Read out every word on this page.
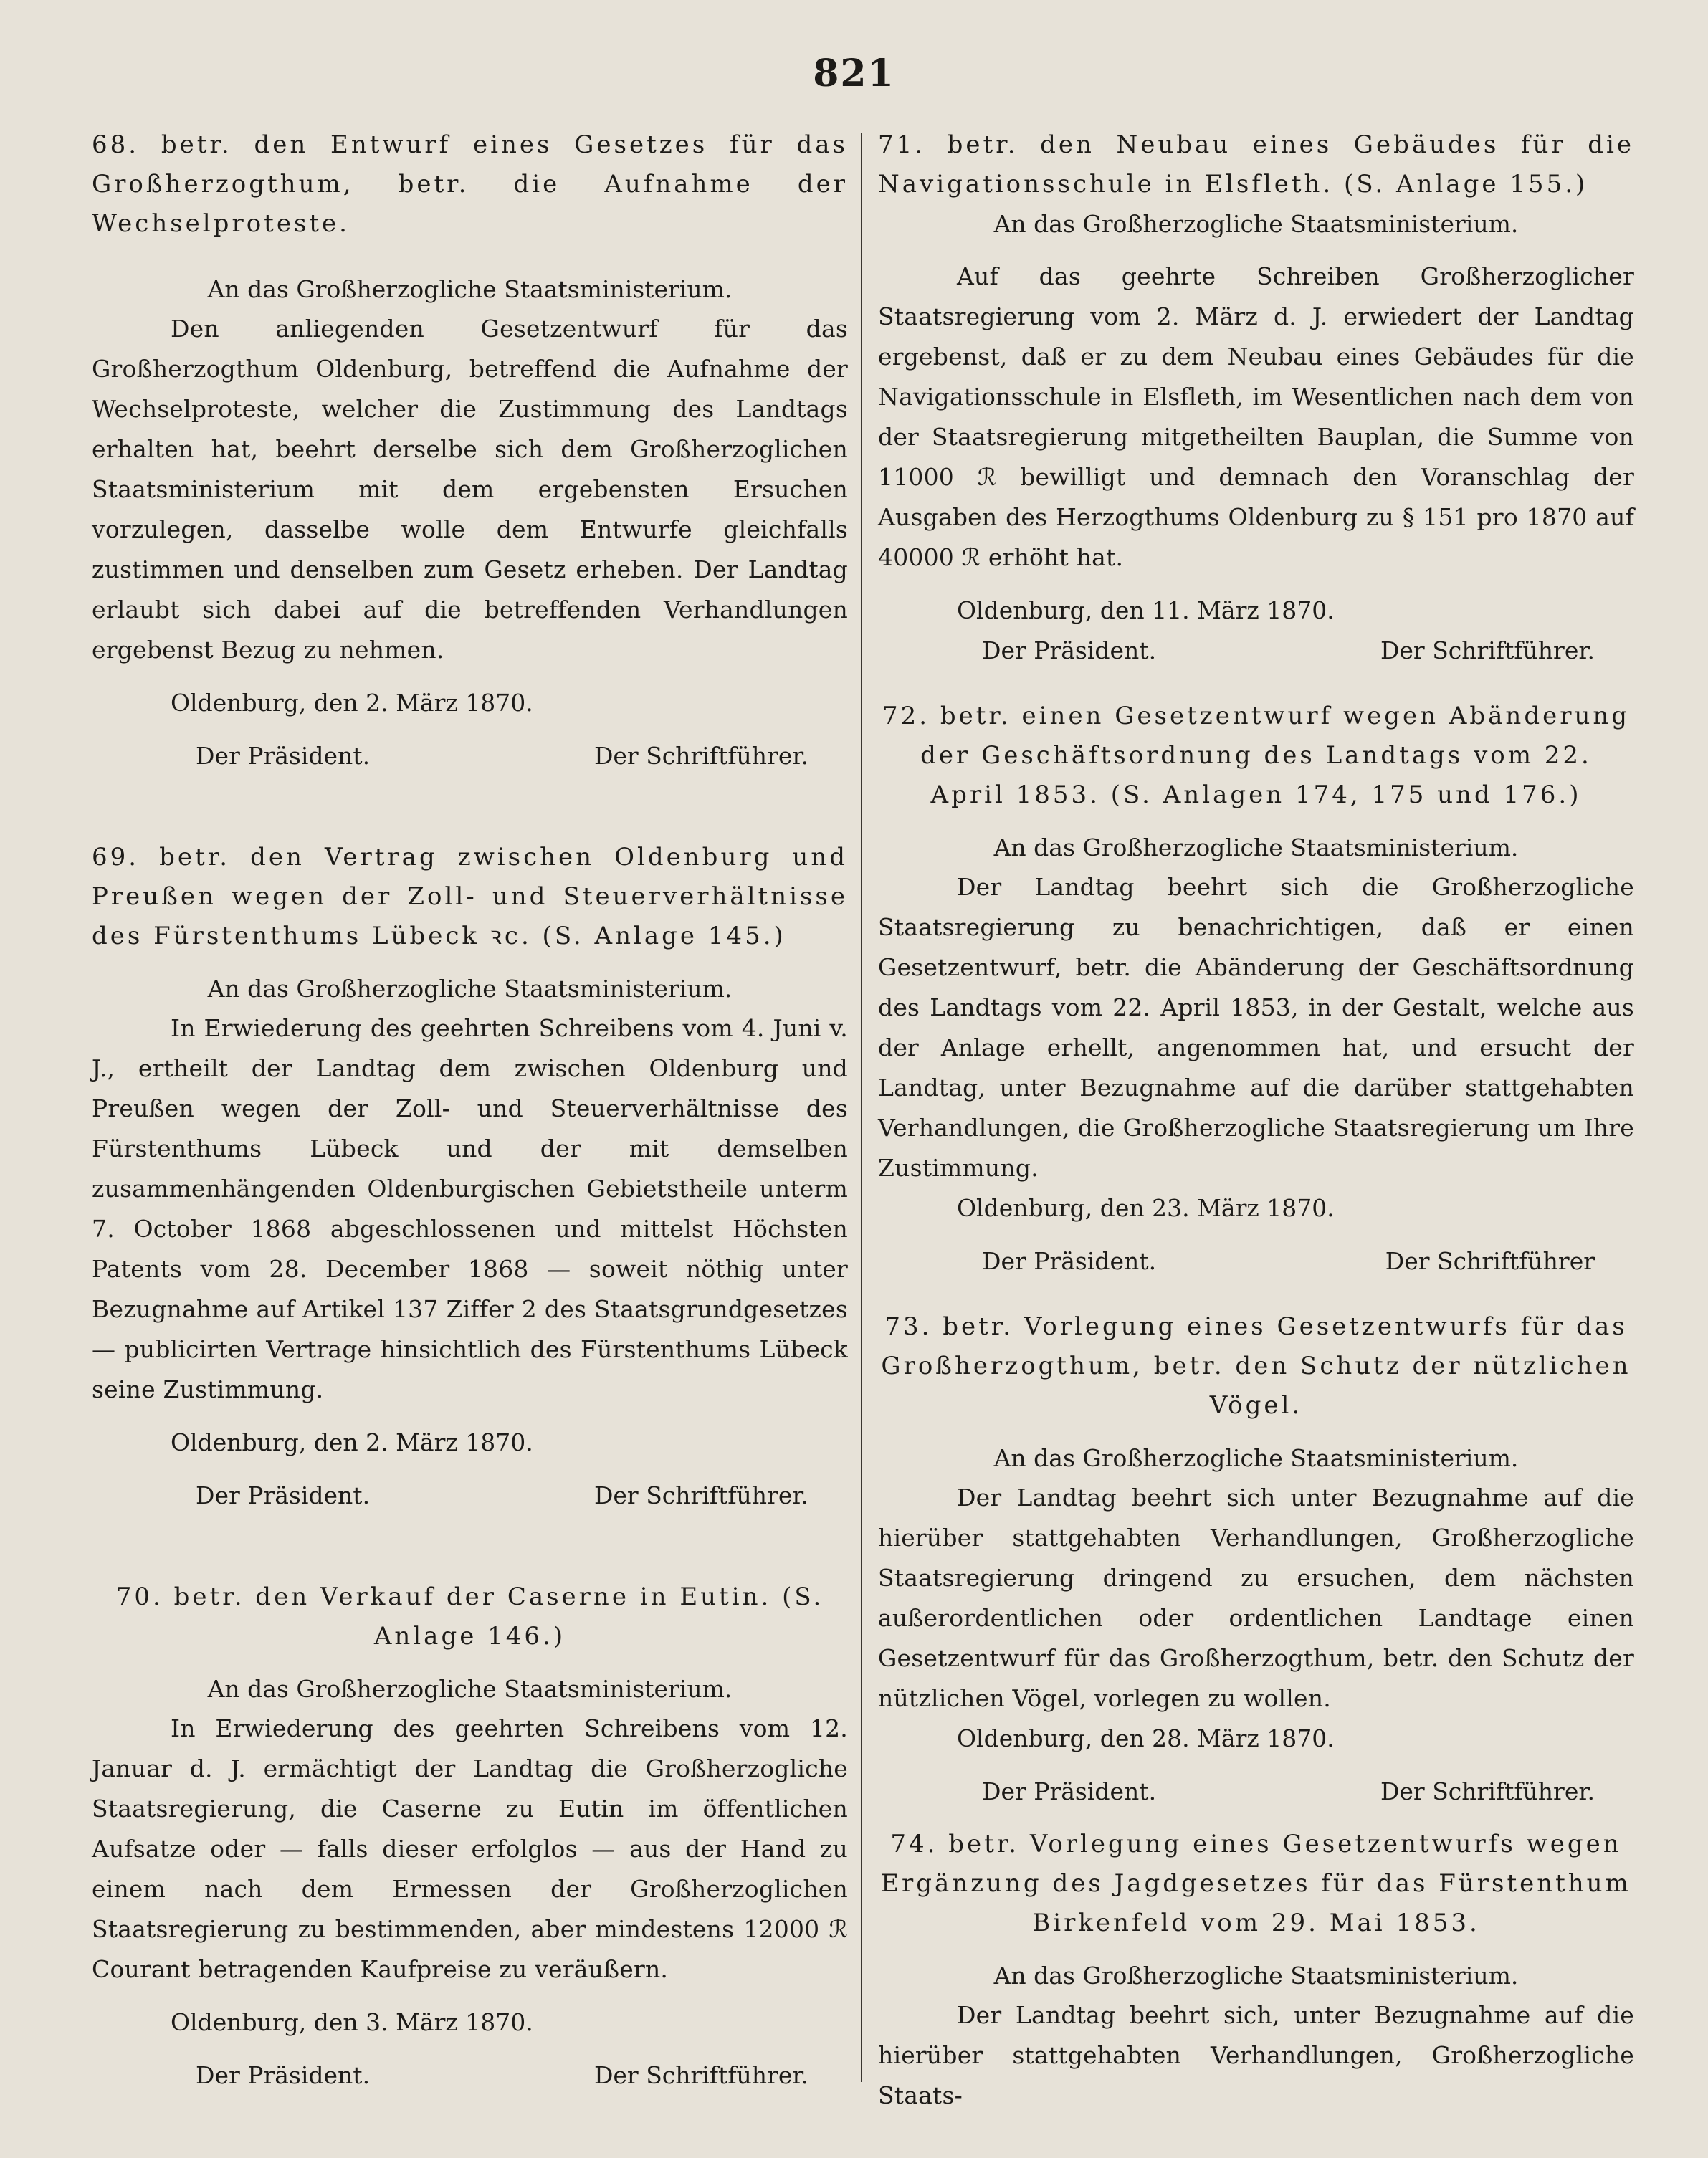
821

68. betr. den Entwurf eines Gesetzes für das Großherzogthum, betr. die Aufnahme der Wechselproteste.

An das Großherzogliche Staatsministerium.

Den anliegenden Gesetzentwurf für das Großherzogthum Oldenburg, betreffend die Aufnahme der Wechselproteste, welcher die Zustimmung des Landtags erhalten hat, beehrt derselbe sich dem Großherzoglichen Staatsministerium mit dem ergebensten Ersuchen vorzulegen, dasselbe wolle dem Entwurfe gleichfalls zustimmen und denselben zum Gesetz erheben. Der Landtag erlaubt sich dabei auf die betreffenden Verhandlungen ergebenst Bezug zu nehmen.

Oldenburg, den 2. März 1870.

Der Präsident.	Der Schriftführer.

69. betr. den Vertrag zwischen Oldenburg und Preußen wegen der Zoll- und Steuerverhältnisse des Fürstenthums Lübeck ꝛc. (S. Anlage 145.)

An das Großherzogliche Staatsministerium.

In Erwiederung des geehrten Schreibens vom 4. Juni v. J., ertheilt der Landtag dem zwischen Oldenburg und Preußen wegen der Zoll- und Steuerverhältnisse des Fürstenthums Lübeck und der mit demselben zusammenhängenden Oldenburgischen Gebietstheile unterm 7. October 1868 abgeschlossenen und mittelst Höchsten Patents vom 28. December 1868 — soweit nöthig unter Bezugnahme auf Artikel 137 Ziffer 2 des Staatsgrundgesetzes — publicirten Vertrage hinsichtlich des Fürstenthums Lübeck seine Zustimmung.

Oldenburg, den 2. März 1870.

Der Präsident.	Der Schriftführer.

70. betr. den Verkauf der Caserne in Eutin. (S. Anlage 146.)

An das Großherzogliche Staatsministerium.

In Erwiederung des geehrten Schreibens vom 12. Januar d. J. ermächtigt der Landtag die Großherzogliche Staatsregierung, die Caserne zu Eutin im öffentlichen Aufsatze oder — falls dieser erfolglos — aus der Hand zu einem nach dem Ermessen der Großherzoglichen Staatsregierung zu bestimmenden, aber mindestens 12000 ℛ Courant betragenden Kaufpreise zu veräußern.

Oldenburg, den 3. März 1870.

Der Präsident.	Der Schriftführer.

71. betr. den Neubau eines Gebäudes für die Navigationsschule in Elsfleth. (S. Anlage 155.)

An das Großherzogliche Staatsministerium.

Auf das geehrte Schreiben Großherzoglicher Staatsregierung vom 2. März d. J. erwiedert der Landtag ergebenst, daß er zu dem Neubau eines Gebäudes für die Navigationsschule in Elsfleth, im Wesentlichen nach dem von der Staatsregierung mitgetheilten Bauplan, die Summe von 11000 ℛ bewilligt und demnach den Voranschlag der Ausgaben des Herzogthums Oldenburg zu § 151 pro 1870 auf 40000 ℛ erhöht hat.

Oldenburg, den 11. März 1870.

Der Präsident.	Der Schriftführer.

72. betr. einen Gesetzentwurf wegen Abänderung der Geschäftsordnung des Landtags vom 22. April 1853. (S. Anlagen 174, 175 und 176.)

An das Großherzogliche Staatsministerium.

Der Landtag beehrt sich die Großherzogliche Staatsregierung zu benachrichtigen, daß er einen Gesetzentwurf, betr. die Abänderung der Geschäftsordnung des Landtags vom 22. April 1853, in der Gestalt, welche aus der Anlage erhellt, angenommen hat, und ersucht der Landtag, unter Bezugnahme auf die darüber stattgehabten Verhandlungen, die Großherzogliche Staatsregierung um Ihre Zustimmung.

Oldenburg, den 23. März 1870.

Der Präsident.	Der Schriftführer

73. betr. Vorlegung eines Gesetzentwurfs für das Großherzogthum, betr. den Schutz der nützlichen Vögel.

An das Großherzogliche Staatsministerium.

Der Landtag beehrt sich unter Bezugnahme auf die hierüber stattgehabten Verhandlungen, Großherzogliche Staatsregierung dringend zu ersuchen, dem nächsten außerordentlichen oder ordentlichen Landtage einen Gesetzentwurf für das Großherzogthum, betr. den Schutz der nützlichen Vögel, vorlegen zu wollen.

Oldenburg, den 28. März 1870.

Der Präsident.	Der Schriftführer.

74. betr. Vorlegung eines Gesetzentwurfs wegen Ergänzung des Jagdgesetzes für das Fürstenthum Birkenfeld vom 29. Mai 1853.

An das Großherzogliche Staatsministerium.

Der Landtag beehrt sich, unter Bezugnahme auf die hierüber stattgehabten Verhandlungen, Großherzogliche Staats-
